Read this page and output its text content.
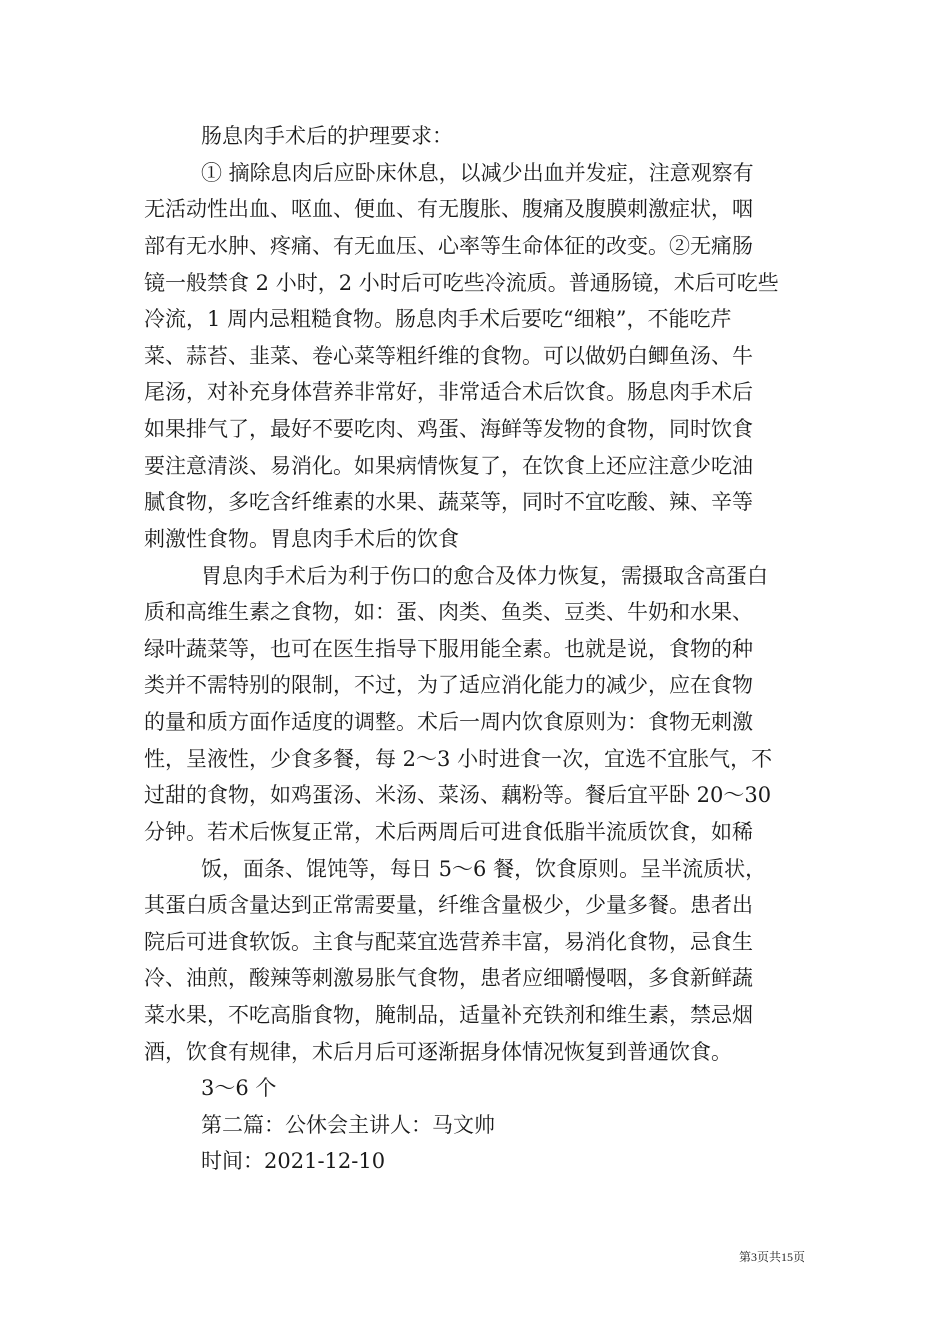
肠息肉手术后的护理要求：

① 摘除息肉后应卧床休息，以减少出血并发症，注意观察有

无活动性出血、呕血、便血、有无腹胀、腹痛及腹膜刺激症状，咽

部有无水肿、疼痛、有无血压、心率等生命体征的改变。②无痛肠

镜一般禁食 2 小时，2 小时后可吃些冷流质。普通肠镜，术后可吃些

冷流，1 周内忌粗糙食物。肠息肉手术后要吃“细粮”，不能吃芹

菜、蒜苔、韭菜、卷心菜等粗纤维的食物。可以做奶白鲫鱼汤、牛

尾汤，对补充身体营养非常好，非常适合术后饮食。肠息肉手术后

如果排气了，最好不要吃肉、鸡蛋、海鲜等发物的食物，同时饮食

要注意清淡、易消化。如果病情恢复了，在饮食上还应注意少吃油

腻食物，多吃含纤维素的水果、蔬菜等，同时不宜吃酸、辣、辛等

刺激性食物。胃息肉手术后的饮食

胃息肉手术后为利于伤口的愈合及体力恢复，需摄取含高蛋白

质和高维生素之食物，如：蛋、肉类、鱼类、豆类、牛奶和水果、

绿叶蔬菜等，也可在医生指导下服用能全素。也就是说，食物的种

类并不需特别的限制，不过，为了适应消化能力的减少，应在食物

的量和质方面作适度的调整。术后一周内饮食原则为：食物无刺激

性，呈液性，少食多餐，每 2～3 小时进食一次，宜选不宜胀气，不

过甜的食物，如鸡蛋汤、米汤、菜汤、藕粉等。餐后宜平卧 20～30

分钟。若术后恢复正常，术后两周后可进食低脂半流质饮食，如稀

饭，面条、馄饨等，每日 5～6 餐，饮食原则。呈半流质状，

其蛋白质含量达到正常需要量，纤维含量极少，少量多餐。患者出

院后可进食软饭。主食与配菜宜选营养丰富，易消化食物，忌食生

冷、油煎，酸辣等刺激易胀气食物，患者应细嚼慢咽，多食新鲜蔬

菜水果，不吃高脂食物，腌制品，适量补充铁剂和维生素，禁忌烟

酒，饮食有规律，术后月后可逐渐据身体情况恢复到普通饮食。

3～6 个

第二篇：公休会主讲人：马文帅

时间：2021-12-10

第3页共15页
